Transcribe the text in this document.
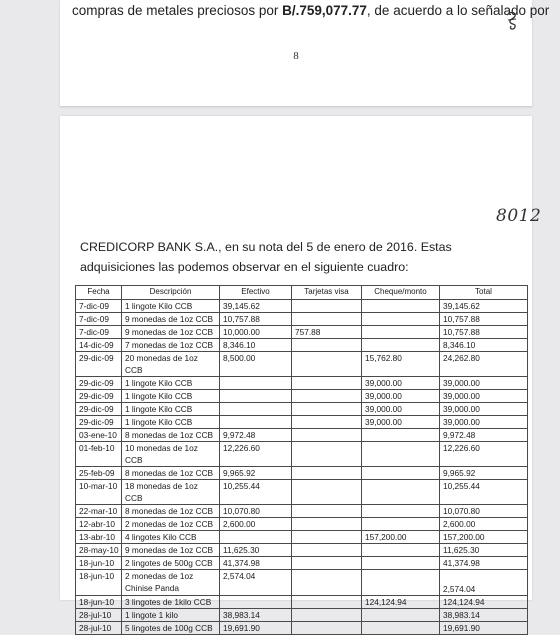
compras de metales preciosos por B/.759,077.77, de acuerdo a lo señalado por
8
8012
CREDICORP BANK S.A., en su nota del 5 de enero de 2016. Estas adquisiciones las podemos observar en el siguiente cuadro:
Fecha	Descripción	Efectivo	Tarjetas visa	Cheque/monto	Total
7-dic-09	1 lingote Kilo CCB	39,145.62			39,145.62
7-dic-09	9 monedas de 1oz CCB	10,757.88			10,757.88
7-dic-09	9 monedas de 1oz CCB	10,000.00	757.88		10,757.88
14-dic-09	7 monedas de 1oz CCB	8,346.10			8,346.10
29-dic-09	20 monedas de 1oz CCB	8,500.00		15,762.80	24,262.80
29-dic-09	1 lingote Kilo CCB			39,000.00	39,000.00
29-dic-09	1 lingote Kilo CCB			39,000.00	39,000.00
29-dic-09	1 lingote Kilo CCB			39,000.00	39,000.00
29-dic-09	1 lingote Kilo CCB			39,000.00	39,000.00
03-ene-10	8 monedas de 1oz CCB	9,972.48			9,972.48
01-feb-10	10 monedas de 1oz CCB	12,226.60			12,226.60
25-feb-09	8 monedas de 1oz CCB	9,965.92			9,965.92
10-mar-10	18 monedas de 1oz CCB	10,255.44			10,255.44
22-mar-10	8 monedas de 1oz CCB	10,070.80			10,070.80
12-abr-10	2 monedas de 1oz CCB	2,600.00			2,600.00
13-abr-10	4 lingotes Kilo CCB			157,200.00	157,200.00
28-may-10	9 monedas de 1oz CCB	11,625.30			11,625.30
18-jun-10	2 lingotes de 500g CCB	41,374.98			41,374.98
18-jun-10	2 monedas de 1oz Chinise Panda	2,574.04			2,574.04
18-jun-10	3 lingotes de 1kilo CCB			124,124.94	124,124.94
28-jul-10	1 lingote 1 kilo	38,983.14			38,983.14
28-jul-10	5 lingotes de 100g CCB	19,691.90			19,691.90
